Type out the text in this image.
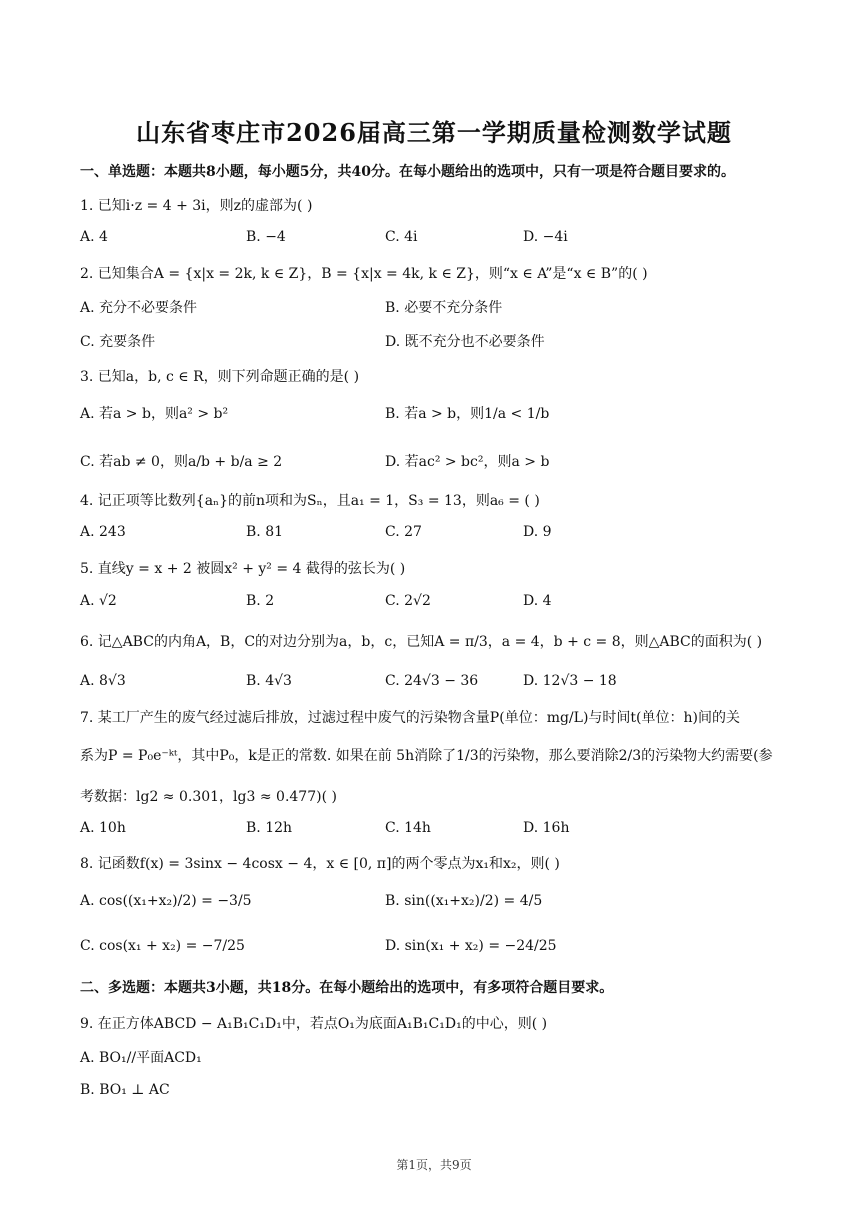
山东省枣庄市2026届高三第一学期质量检测数学试题
一、单选题：本题共8小题，每小题5分，共40分。在每小题给出的选项中，只有一项是符合题目要求的。
1. 已知i·z = 4 + 3i，则z的虚部为( )
A. 4	B. −4	C. 4i	D. −4i
2. 已知集合A = {x|x = 2k, k ∈ Z}，B = {x|x = 4k, k ∈ Z}，则“x ∈ A”是“x ∈ B”的( )
A. 充分不必要条件	B. 必要不充分条件
C. 充要条件	D. 既不充分也不必要条件
3. 已知a，b, c ∈ R，则下列命题正确的是( )
A. 若a > b，则a² > b²	B. 若a > b，则1/a < 1/b
C. 若ab ≠ 0，则a/b + b/a ≥ 2	D. 若ac² > bc²，则a > b
4. 记正项等比数列{aₙ}的前n项和为Sₙ，且a₁ = 1，S₃ = 13，则a₆ = ( )
A. 243	B. 81	C. 27	D. 9
5. 直线y = x + 2 被圆x² + y² = 4 截得的弦长为( )
A. √2	B. 2	C. 2√2	D. 4
6. 记△ABC的内角A，B，C的对边分别为a，b，c，已知A = π/3，a = 4，b + c = 8，则△ABC的面积为( )
A. 8√3	B. 4√3	C. 24√3 − 36	D. 12√3 − 18
7. 某工厂产生的废气经过滤后排放，过滤过程中废气的污染物含量P(单位：mg/L)与时间t(单位：h)间的关
系为P = P₀e⁻ᵏᵗ，其中P₀，k是正的常数. 如果在前 5h消除了1/3的污染物，那么要消除2/3的污染物大约需要(参
考数据：lg2 ≈ 0.301，lg3 ≈ 0.477)( )
A. 10h	B. 12h	C. 14h	D. 16h
8. 记函数f(x) = 3sinx − 4cosx − 4，x ∈ [0, π]的两个零点为x₁和x₂，则( )
A. cos((x₁+x₂)/2) = −3/5	B. sin((x₁+x₂)/2) = 4/5
C. cos(x₁ + x₂) = −7/25	D. sin(x₁ + x₂) = −24/25
二、多选题：本题共3小题，共18分。在每小题给出的选项中，有多项符合题目要求。
9. 在正方体ABCD − A₁B₁C₁D₁中，若点O₁为底面A₁B₁C₁D₁的中心，则( )
A. BO₁//平面ACD₁
B. BO₁ ⊥ AC
第1页，共9页
